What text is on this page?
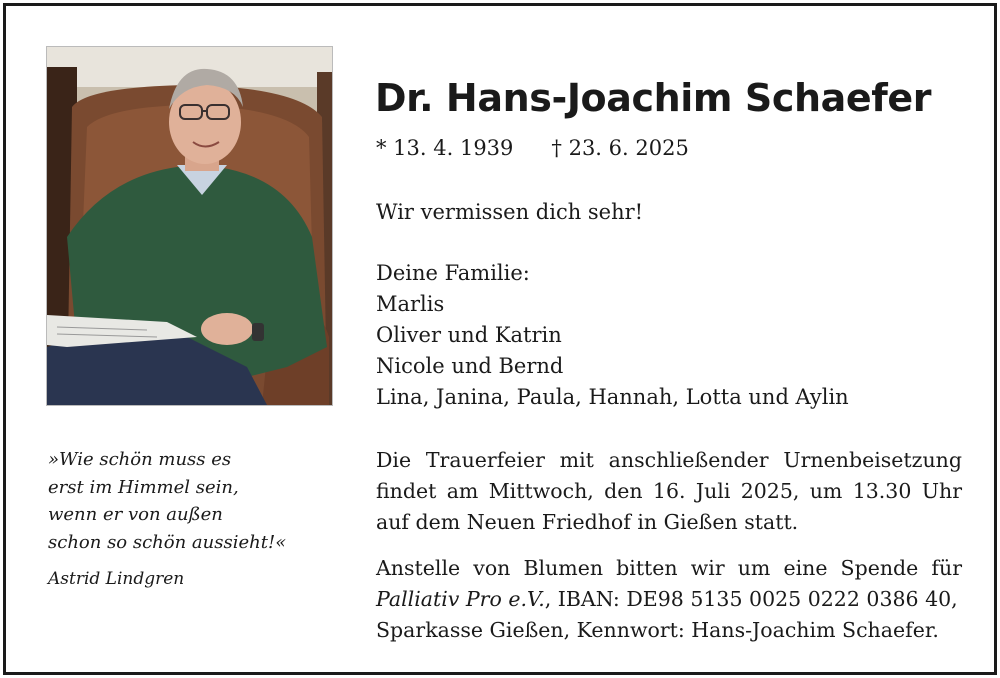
»Wie schön muss es
erst im Himmel sein,
wenn er von außen
schon so schön aussieht!«
Astrid Lindgren
Dr. Hans-Joachim Schaefer
* 13. 4. 1939 † 23. 6. 2025
Wir vermissen dich sehr!
Deine Familie:
Marlis
Oliver und Katrin
Nicole und Bernd
Lina, Janina, Paula, Hannah, Lotta und Aylin
Die Trauerfeier mit anschließender Urnenbeisetzung
findet am Mittwoch, den 16. Juli 2025, um 13.30 Uhr
auf dem Neuen Friedhof in Gießen statt.
Anstelle von Blumen bitten wir um eine Spende für
Palliativ Pro e.V., IBAN: DE98 5135 0025 0222 0386 40,
Sparkasse Gießen, Kennwort: Hans-Joachim Schaefer.
